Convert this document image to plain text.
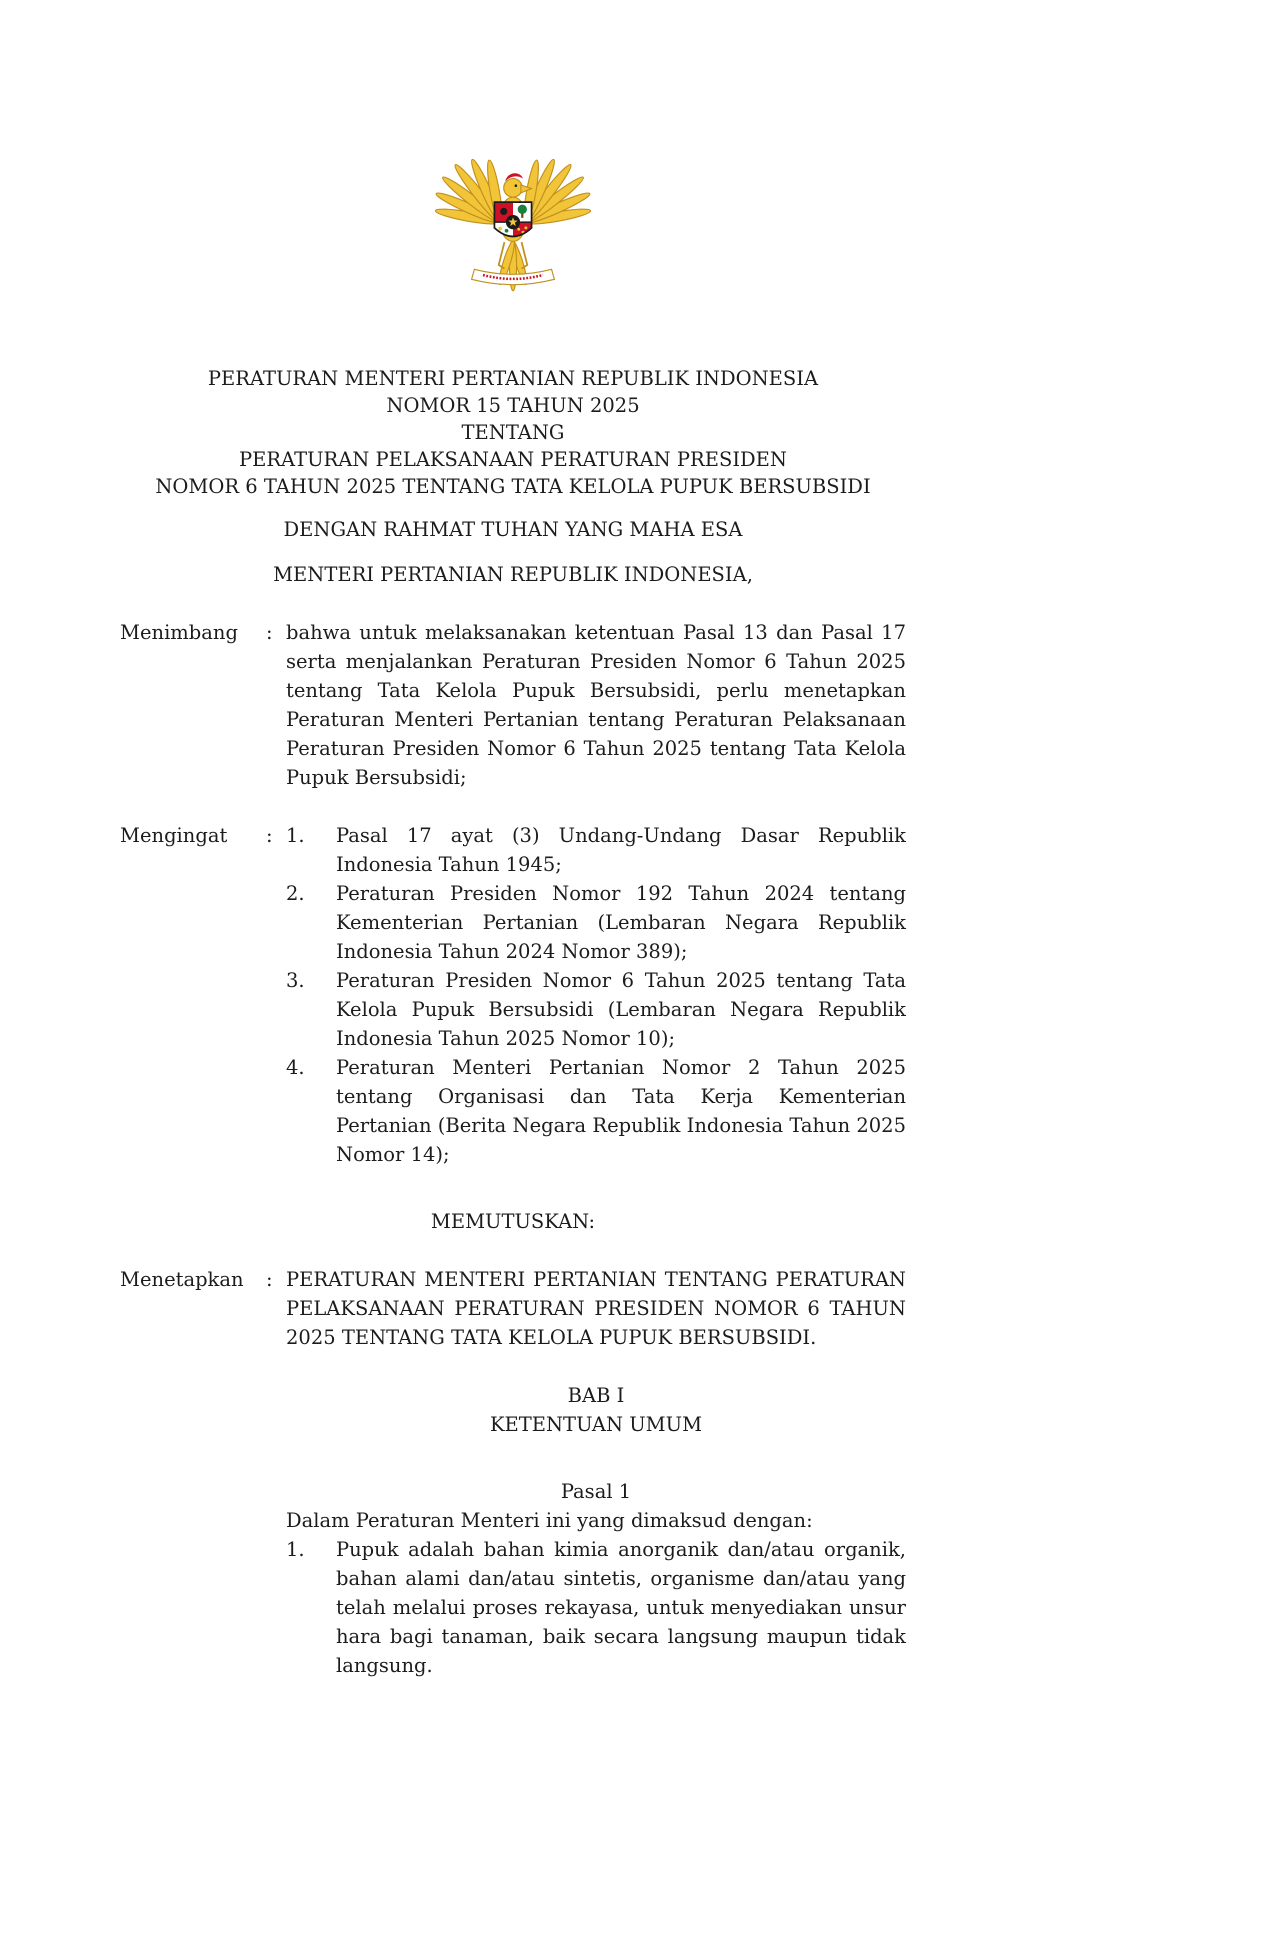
PERATURAN MENTERI PERTANIAN REPUBLIK INDONESIA
NOMOR 15 TAHUN 2025
TENTANG
PERATURAN PELAKSANAAN PERATURAN PRESIDEN
NOMOR 6 TAHUN 2025 TENTANG TATA KELOLA PUPUK BERSUBSIDI
DENGAN RAHMAT TUHAN YANG MAHA ESA
MENTERI PERTANIAN REPUBLIK INDONESIA,
Menimbang	: bahwa untuk melaksanakan ketentuan Pasal 13 dan Pasal 17 serta menjalankan Peraturan Presiden Nomor 6 Tahun 2025 tentang Tata Kelola Pupuk Bersubsidi, perlu menetapkan Peraturan Menteri Pertanian tentang Peraturan Pelaksanaan Peraturan Presiden Nomor 6 Tahun 2025 tentang Tata Kelola Pupuk Bersubsidi;
Mengingat	: 1.	Pasal 17 ayat (3) Undang-Undang Dasar Republik Indonesia Tahun 1945;
2.	Peraturan Presiden Nomor 192 Tahun 2024 tentang Kementerian Pertanian (Lembaran Negara Republik Indonesia Tahun 2024 Nomor 389);
3.	Peraturan Presiden Nomor 6 Tahun 2025 tentang Tata Kelola Pupuk Bersubsidi (Lembaran Negara Republik Indonesia Tahun 2025 Nomor 10);
4.	Peraturan Menteri Pertanian Nomor 2 Tahun 2025 tentang Organisasi dan Tata Kerja Kementerian Pertanian (Berita Negara Republik Indonesia Tahun 2025 Nomor 14);
MEMUTUSKAN:
Menetapkan	: PERATURAN MENTERI PERTANIAN TENTANG PERATURAN PELAKSANAAN PERATURAN PRESIDEN NOMOR 6 TAHUN 2025 TENTANG TATA KELOLA PUPUK BERSUBSIDI.
BAB I
KETENTUAN UMUM
Pasal 1
Dalam Peraturan Menteri ini yang dimaksud dengan:
1.	Pupuk adalah bahan kimia anorganik dan/atau organik, bahan alami dan/atau sintetis, organisme dan/atau yang telah melalui proses rekayasa, untuk menyediakan unsur hara bagi tanaman, baik secara langsung maupun tidak langsung.
